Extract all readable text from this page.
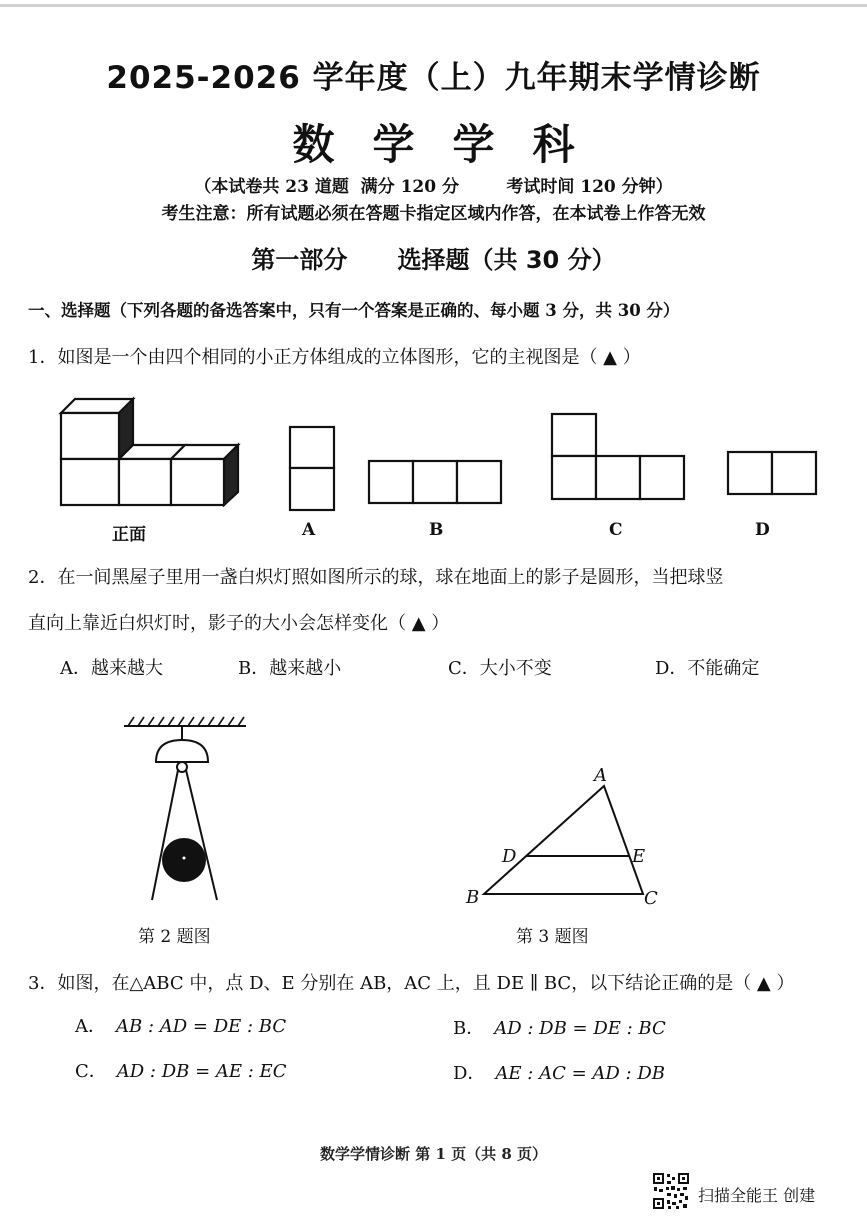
2025-2026 学年度（上）九年期末学情诊断
数学学科
（本试卷共 23 道题  满分 120 分        考试时间 120 分钟）
考生注意：所有试题必须在答题卡指定区域内作答，在本试卷上作答无效
第一部分      选择题（共 30 分）
一、选择题（下列各题的备选答案中，只有一个答案是正确的、每小题 3 分，共 30 分）
1．如图是一个由四个相同的小正方体组成的立体图形，它的主视图是（ ▲ ）
正面	A	B	C	D
2．在一间黑屋子里用一盏白炽灯照如图所示的球，球在地面上的影子是圆形，当把球竖
直向上靠近白炽灯时，影子的大小会怎样变化（ ▲ ）
A．越来越大	B．越来越小	C．大小不变	D．不能确定
第 2 题图
A
B	C
D	E
第 3 题图
3．如图，在△ABC 中，点 D、E 分别在 AB，AC 上，且 DE ∥ BC，以下结论正确的是（ ▲ ）
A． AB : AD = DE : BC	B． AD : DB = DE : BC
C． AD : DB = AE : EC	D． AE : AC = AD : DB
数学学情诊断 第 1 页（共 8 页）
扫描全能王 创建
